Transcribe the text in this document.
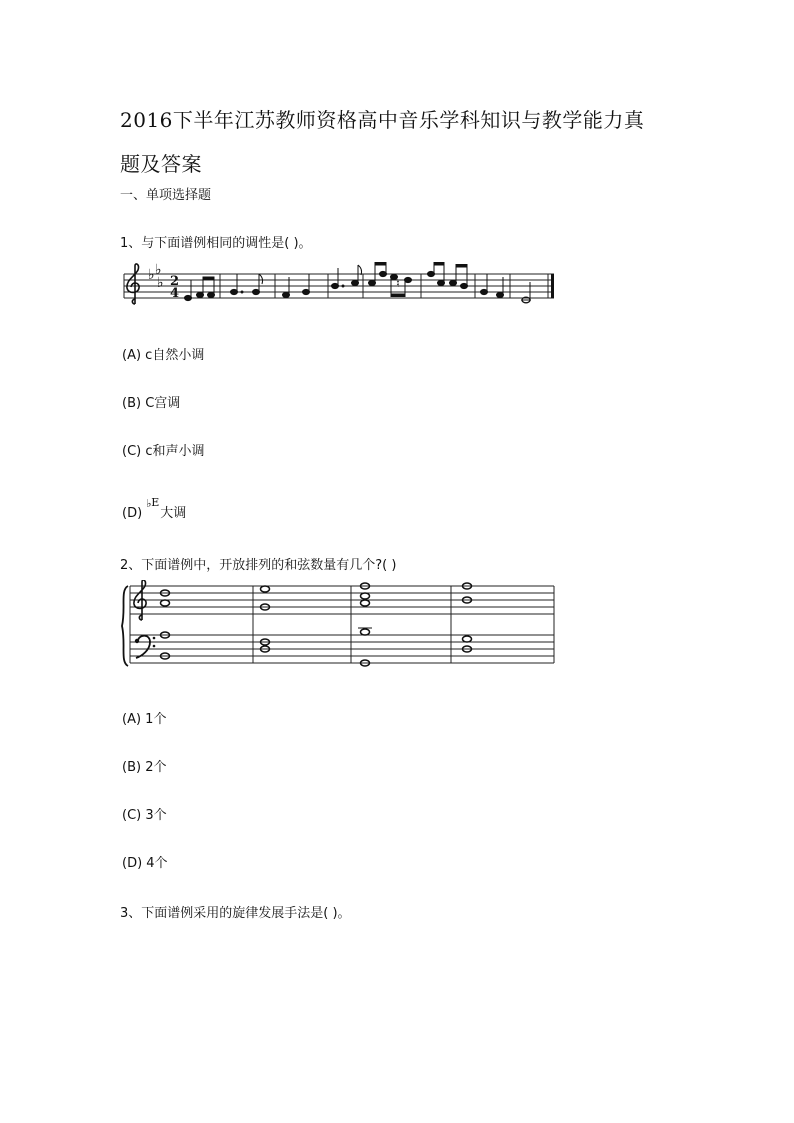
2016下半年江苏教师资格高中音乐学科知识与教学能力真
题及答案
一、单项选择题
1、与下面谱例相同的调性是( )。
♭ ♭
♭
2
4
♮
(A) c自然小调
(B) C宫调
(C) c和声小调
(D)
♭ E
大调
2、下面谱例中，开放排列的和弦数量有几个?( )
(A) 1个
(B) 2个
(C) 3个
(D) 4个
3、下面谱例采用的旋律发展手法是( )。
